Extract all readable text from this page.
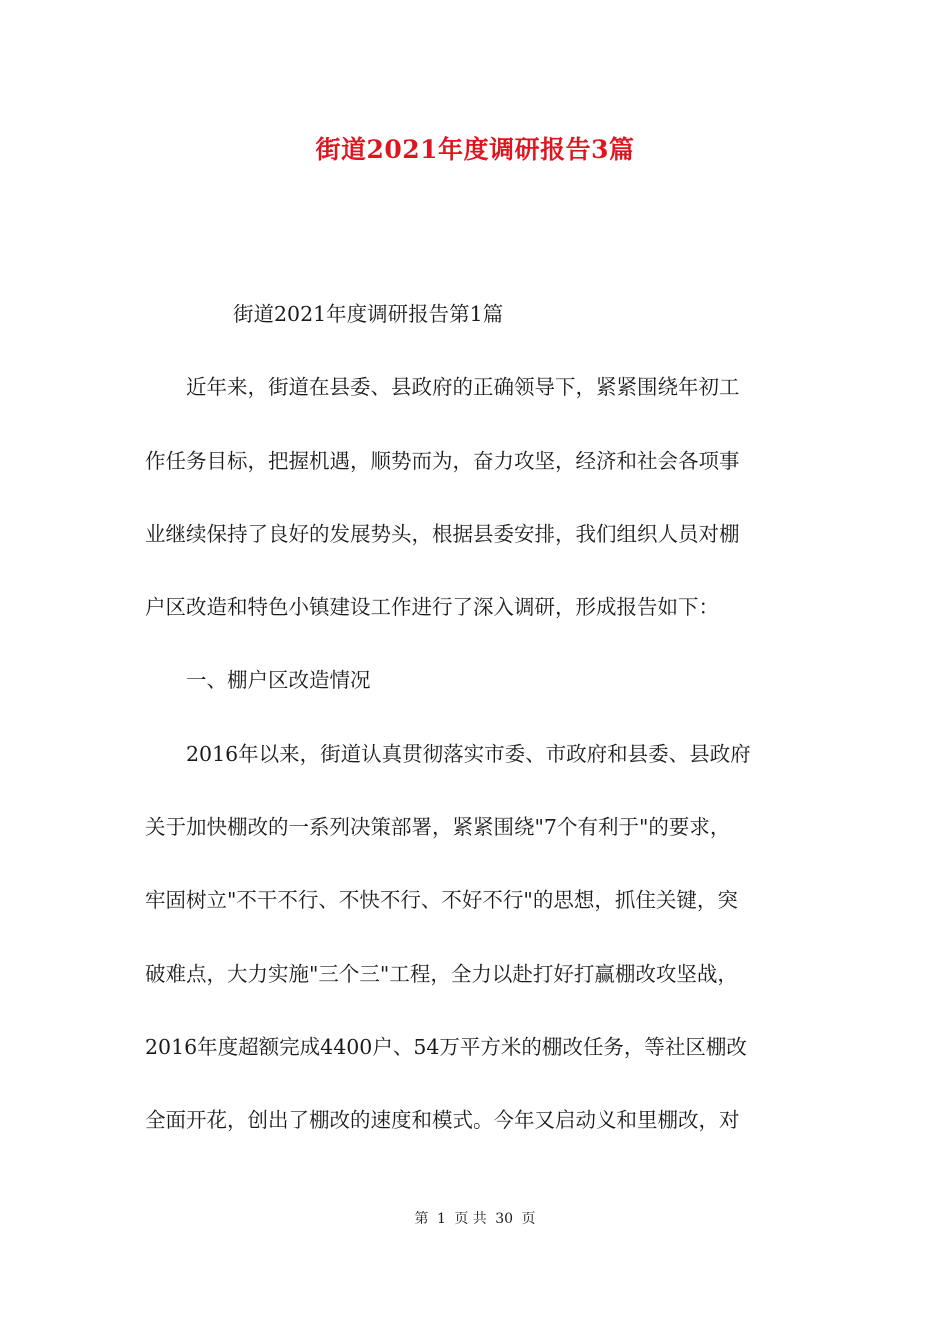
街道2021年度调研报告3篇
街道2021年度调研报告第1篇
近年来，街道在县委、县政府的正确领导下，紧紧围绕年初工
作任务目标，把握机遇，顺势而为，奋力攻坚，经济和社会各项事
业继续保持了良好的发展势头，根据县委安排，我们组织人员对棚
户区改造和特色小镇建设工作进行了深入调研，形成报告如下：
一、棚户区改造情况
2016年以来，街道认真贯彻落实市委、市政府和县委、县政府
关于加快棚改的一系列决策部署，紧紧围绕"7个有利于"的要求，
牢固树立"不干不行、不快不行、不好不行"的思想，抓住关键，突
破难点，大力实施"三个三"工程，全力以赴打好打赢棚改攻坚战，
2016年度超额完成4400户、54万平方米的棚改任务，等社区棚改
全面开花，创出了棚改的速度和模式。今年又启动义和里棚改，对
第 1 页 共 30 页
